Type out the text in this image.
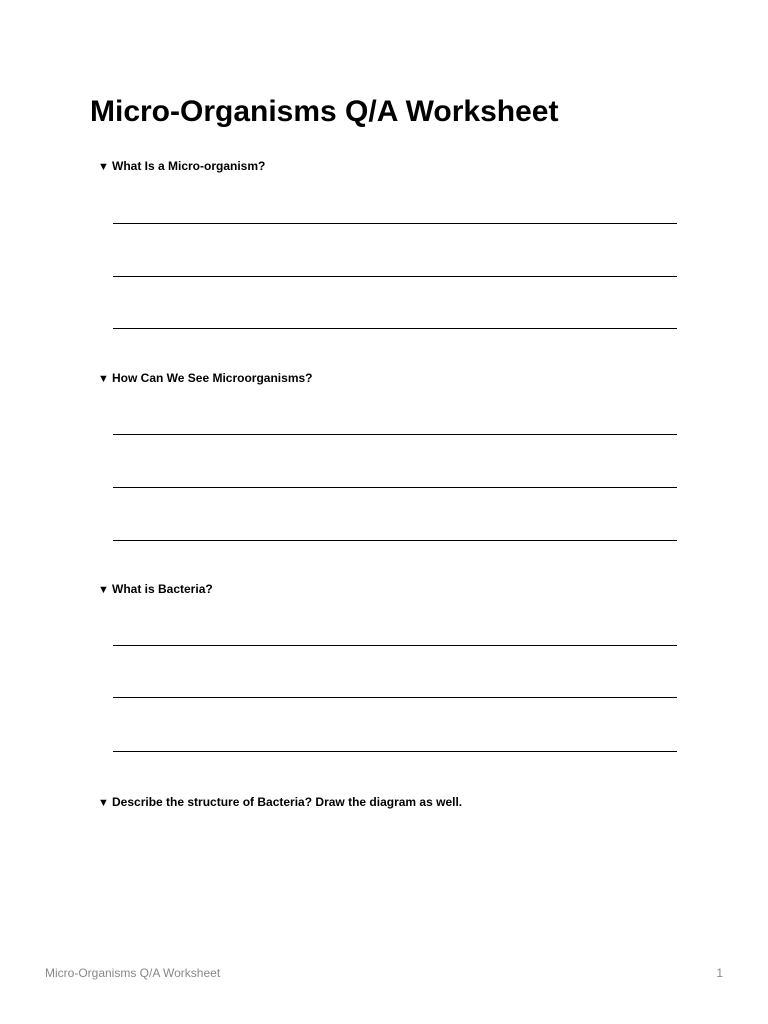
Micro-Organisms Q/A Worksheet

▼ What Is a Micro-organism?

▼ How Can We See Microorganisms?

▼ What is Bacteria?

▼ Describe the structure of Bacteria? Draw the diagram as well.

Micro-Organisms Q/A Worksheet	1
